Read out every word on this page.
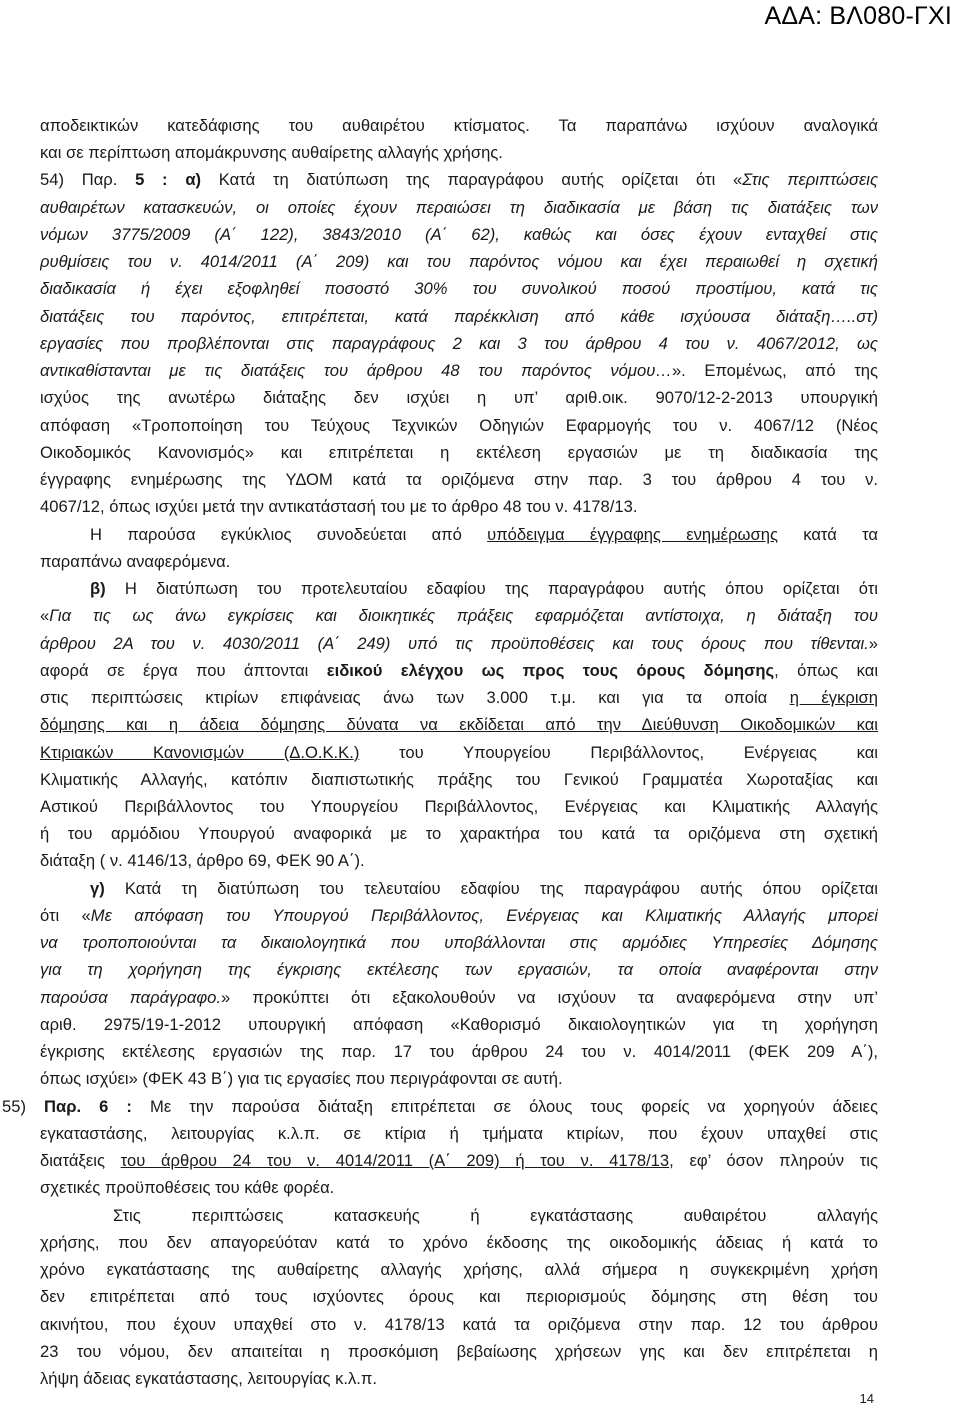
ΑΔΑ: ΒΛ080-ΓΧΙ
αποδεικτικών κατεδάφισης του αυθαιρέτου κτίσματος. Τα παραπάνω ισχύουν αναλογικά
και σε περίπτωση απομάκρυνσης αυθαίρετης αλλαγής χρήσης.
54) Παρ. 5 : α) Κατά τη διατύπωση της παραγράφου αυτής ορίζεται ότι «Στις περιπτώσεις
αυθαιρέτων κατασκευών, οι οποίες έχουν περαιώσει τη διαδικασία με βάση τις διατάξεις των
νόμων 3775/2009 (Α΄ 122), 3843/2010 (Α΄ 62), καθώς και όσες έχουν ενταχθεί στις
ρυθμίσεις του ν. 4014/2011 (Α΄ 209) και του παρόντος νόμου και έχει περαιωθεί η σχετική
διαδικασία ή έχει εξοφληθεί ποσοστό 30% του συνολικού ποσού προστίμου, κατά τις
διατάξεις του παρόντος, επιτρέπεται, κατά παρέκκλιση από κάθε ισχύουσα διάταξη…..στ)
εργασίες που προβλέπονται στις παραγράφους 2 και 3 του άρθρου 4 του ν. 4067/2012, ως
αντικαθίστανται με τις διατάξεις του άρθρου 48 του παρόντος νόμου…». Επομένως, από της
ισχύος της ανωτέρω διάταξης δεν ισχύει η υπ’ αριθ.οικ. 9070/12-2-2013 υπουργική
απόφαση «Τροποποίηση του Τεύχους Τεχνικών Οδηγιών Εφαρμογής του ν. 4067/12 (Νέος
Οικοδομικός Κανονισμός» και επιτρέπεται η εκτέλεση εργασιών με τη διαδικασία της
έγγραφης ενημέρωσης της ΥΔΟΜ κατά τα οριζόμενα στην παρ. 3 του άρθρου 4 του ν.
4067/12, όπως ισχύει μετά την αντικατάστασή του με το άρθρο 48 του ν. 4178/13.
Η παρούσα εγκύκλιος συνοδεύεται από υπόδειγμα έγγραφης ενημέρωσης κατά τα
παραπάνω αναφερόμενα.
β) Η διατύπωση του προτελευταίου εδαφίου της παραγράφου αυτής όπου ορίζεται ότι
«Για τις ως άνω εγκρίσεις και διοικητικές πράξεις εφαρμόζεται αντίστοιχα, η διάταξη του
άρθρου 2Α του ν. 4030/2011 (Α΄ 249) υπό τις προϋποθέσεις και τους όρους που τίθενται.»
αφορά σε έργα που άπτονται ειδικού ελέγχου ως προς τους όρους δόμησης, όπως και
στις περιπτώσεις κτιρίων επιφάνειας άνω των 3.000 τ.μ. και για τα οποία η έγκριση
δόμησης και η άδεια δόμησης δύνατα να εκδίδεται από την Διεύθυνση Οικοδομικών και
Κτιριακών Κανονισμών (Δ.Ο.Κ.Κ.) του Υπουργείου Περιβάλλοντος, Ενέργειας και
Κλιματικής Αλλαγής, κατόπιν διαπιστωτικής πράξης του Γενικού Γραμματέα Χωροταξίας και
Αστικού Περιβάλλοντος του Υπουργείου Περιβάλλοντος, Ενέργειας και Κλιματικής Αλλαγής
ή του αρμόδιου Υπουργού αναφορικά με το χαρακτήρα του κατά τα οριζόμενα στη σχετική
διάταξη ( ν. 4146/13, άρθρο 69, ΦΕΚ 90 Α΄).
γ) Κατά τη διατύπωση του τελευταίου εδαφίου της παραγράφου αυτής όπου ορίζεται
ότι «Με απόφαση του Υπουργού Περιβάλλοντος, Ενέργειας και Κλιματικής Αλλαγής μπορεί
να τροποποιούνται τα δικαιολογητικά που υποβάλλονται στις αρμόδιες Υπηρεσίες Δόμησης
για τη χορήγηση της έγκρισης εκτέλεσης των εργασιών, τα οποία αναφέρονται στην
παρούσα παράγραφο.» προκύπτει ότι εξακολουθούν να ισχύουν τα αναφερόμενα στην υπ’
αριθ. 2975/19-1-2012 υπουργική απόφαση «Καθορισμό δικαιολογητικών για τη χορήγηση
έγκρισης εκτέλεσης εργασιών της παρ. 17 του άρθρου 24 του ν. 4014/2011 (ΦΕΚ 209 Α΄),
όπως ισχύει» (ΦΕΚ 43 Β΄) για τις εργασίες που περιγράφονται σε αυτή.
55) Παρ. 6 : Με την παρούσα διάταξη επιτρέπεται σε όλους τους φορείς να χορηγούν άδειες
εγκαταστάσης, λειτουργίας κ.λ.π. σε κτίρια ή τμήματα κτιρίων, που έχουν υπαχθεί στις
διατάξεις του άρθρου 24 του ν. 4014/2011 (Α΄ 209) ή του ν. 4178/13, εφ’ όσον πληρούν τις
σχετικές προϋποθέσεις του κάθε φορέα.
Στις περιπτώσεις κατασκευής ή εγκατάστασης αυθαιρέτου αλλαγής
χρήσης, που δεν απαγορεύόταν κατά το χρόνο έκδοσης της οικοδομικής άδειας ή κατά το
χρόνο εγκατάστασης της αυθαίρετης αλλαγής χρήσης, αλλά σήμερα η συγκεκριμένη χρήση
δεν επιτρέπεται από τους ισχύοντες όρους και περιορισμούς δόμησης στη θέση του
ακινήτου, που έχουν υπαχθεί στο ν. 4178/13 κατά τα οριζόμενα στην παρ. 12 του άρθρου
14
23 του νόμου, δεν απαιτείται η προσκόμιση βεβαίωσης χρήσεων γης και δεν επιτρέπεται η
λήψη άδειας εγκατάστασης, λειτουργίας κ.λ.π.
